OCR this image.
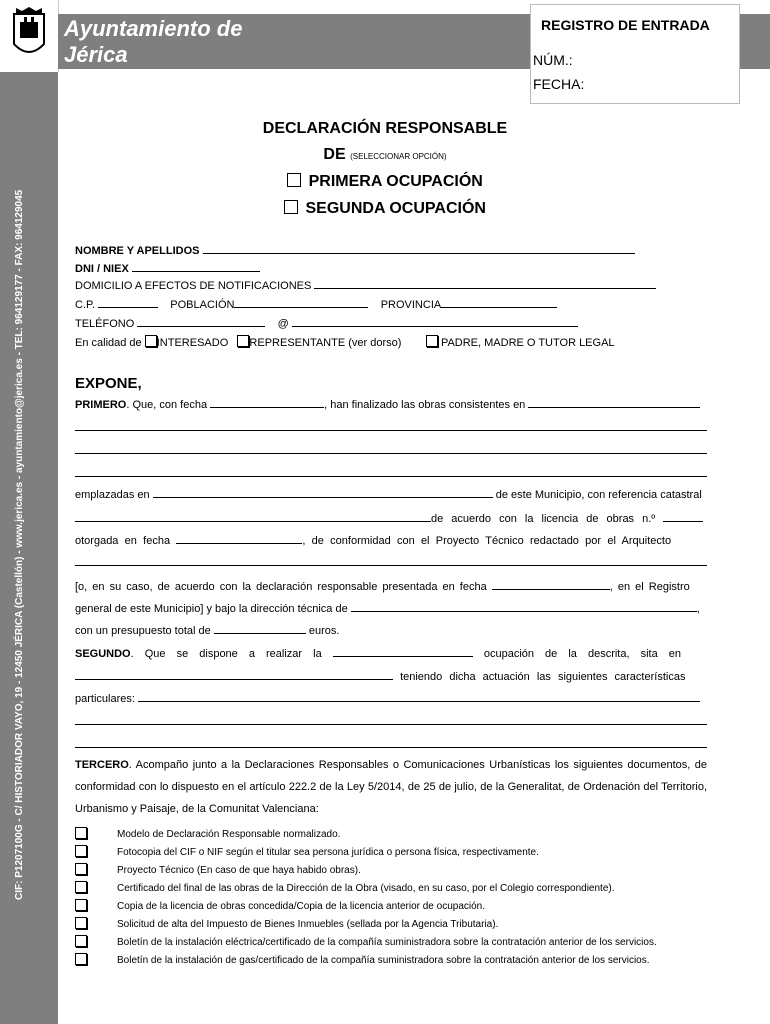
Ayuntamiento de
Jérica
CIF: P1207100G - C/ HISTORIADOR VAYO, 19 - 12450 JÉRICA (Castellón) - www.jerica.es - ayuntamiento@jerica.es - TEL: 964129177 - FAX: 964129045
REGISTRO DE ENTRADA
NÚM.:
FECHA:
DECLARACIÓN RESPONSABLE
DE (SELECCIONAR OPCIÓN)
PRIMERA OCUPACIÓN
SEGUNDA OCUPACIÓN
NOMBRE Y APELLIDOS
DNI / NIEX
DOMICILIO A EFECTOS DE NOTIFICACIONES
C.P.	POBLACIÓN	PROVINCIA
TELÉFONO	@
En calidad de INTERESADO REPRESENTANTE (ver dorso)	PADRE, MADRE O TUTOR LEGAL
EXPONE,
PRIMERO. Que, con fecha	, han finalizado las obras consistentes en
emplazadas en	de este Municipio, con referencia catastral
de acuerdo con la licencia de obras n.º
otorgada en fecha	, de conformidad con el Proyecto Técnico redactado por el Arquitecto
[o, en su caso, de acuerdo con la declaración responsable presentada en fecha	, en el Registro
general de este Municipio] y bajo la dirección técnica de	,
con un presupuesto total de	euros.
SEGUNDO. Que se dispone a realizar la	ocupación de la descrita, sita en
teniendo dicha actuación las siguientes características
particulares:
TERCERO. Acompaño junto a la Declaraciones Responsables o Comunicaciones Urbanísticas los siguientes documentos, de conformidad con lo dispuesto en el artículo 222.2 de la Ley 5/2014, de 25 de julio, de la Generalitat, de Ordenación del Territorio, Urbanismo y Paisaje, de la Comunitat Valenciana:
Modelo de Declaración Responsable normalizado.
Fotocopia del CIF o NIF según el titular sea persona jurídica o persona física, respectivamente.
Proyecto Técnico (En caso de que haya habido obras).
Certificado del final de las obras de la Dirección de la Obra (visado, en su caso, por el Colegio correspondiente).
Copia de la licencia de obras concedida/Copia de la licencia anterior de ocupación.
Solicitud de alta del Impuesto de Bienes Inmuebles (sellada por la Agencia Tributaria).
Boletín de la instalación eléctrica/certificado de la compañía suministradora sobre la contratación anterior de los servicios.
Boletín de la instalación de gas/certificado de la compañía suministradora sobre la contratación anterior de los servicios.
